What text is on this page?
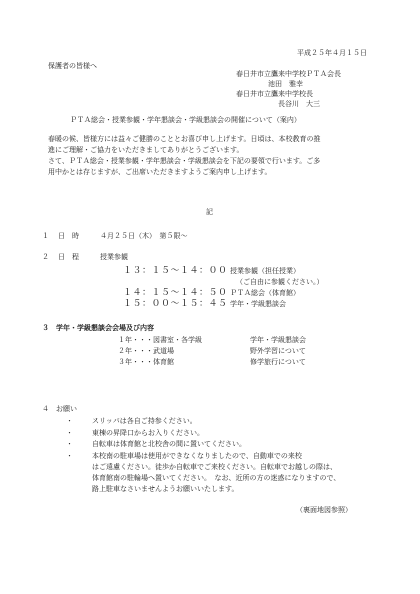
平成２５年４月１５日
保護者の皆様へ
春日井市立鷹来中学校ＰＴＡ会長
池田　雅幸
春日井市立鷹来中学校長
長谷川　大三
ＰＴＡ総会・授業参観・学年懇談会・学級懇談会の開催について（案内）
春暖の候、皆様方には益々ご健勝のこととお喜び申し上げます。日頃は、本校教育の推
進にご理解・ご協力をいただきましてありがとうございます。
さて、ＰＴＡ総会・授業参観・学年懇談会・学級懇談会を下記の要領で行います。ご多
用中かとは存じますが、ご出席いただきますようご案内申し上げます。
記
１ 日　時	４月２５日（木）　第５限～
２ 日　程	授業参観
１３：１５～１４：００ 授業参観（担任授業）
（ご自由に参観ください。）
１４：１５～１４：５０ ＰＴＡ総会（体育館）
１５：００～１５：４５ 学年・学級懇談会
３　学年・学級懇談会会場及び内容
１年・・・図書室・各学級	学年・学級懇談会
２年・・・武道場	野外学習について
３年・・・体育館	修学旅行について
４　お願い
・	スリッパは各自ご持参ください。
・	東棟の昇降口からお入りください。
・	自転車は体育館と北校舎の間に置いてください。
・	本校南の駐車場は使用ができなくなりましたので、自動車での来校
はご遠慮ください。徒歩か自転車でご来校ください。自転車でお越しの際は、
体育館南の駐輪場へ置いてください。　なお、近所の方の迷惑になりますので、
路上駐車なさいませんようお願いいたします。
（裏面地図参照）
